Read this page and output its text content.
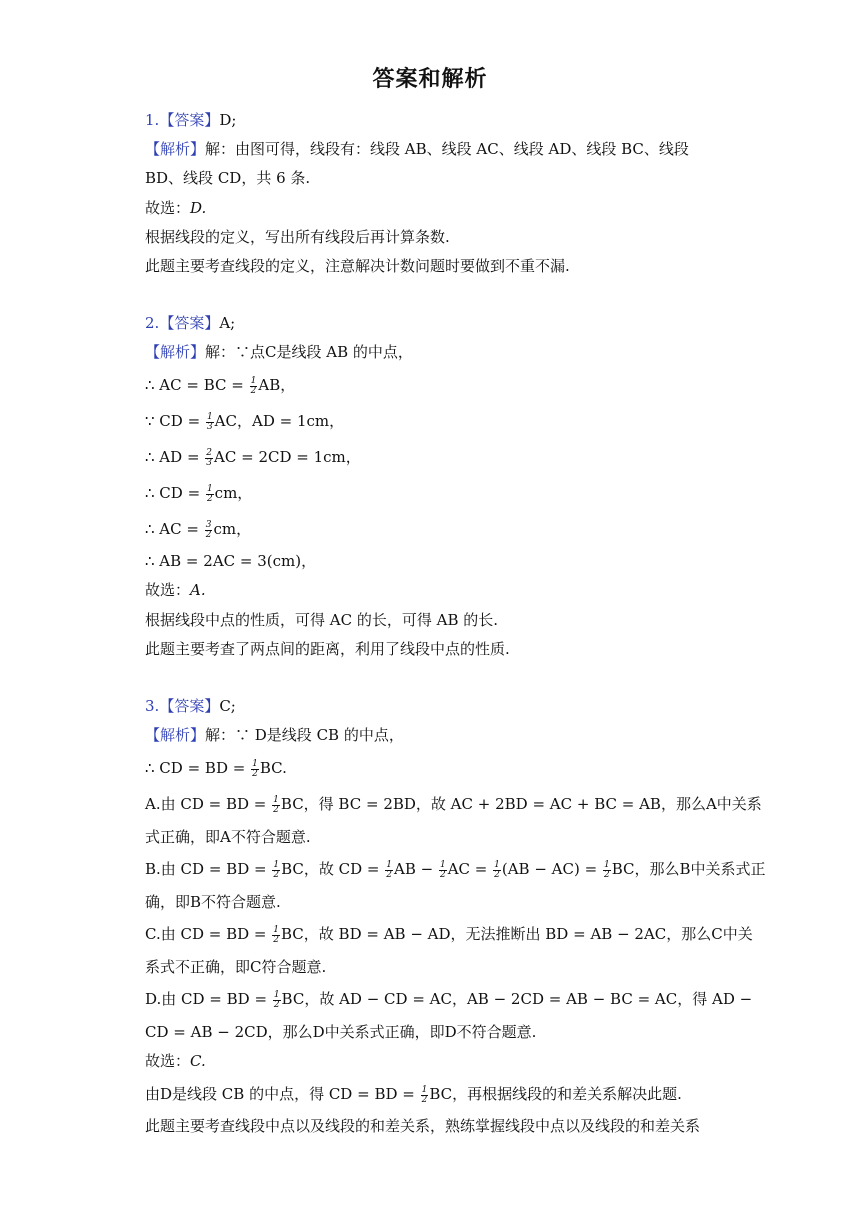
答案和解析
1.【答案】D;
【解析】解：由图可得，线段有：线段 AB、线段 AC、线段 AD、线段 BC、线段
BD、线段 CD，共 6 条.
故选：D.
根据线段的定义，写出所有线段后再计算条数.
此题主要考查线段的定义，注意解决计数问题时要做到不重不漏.
2.【答案】A;
【解析】解：∵点C是线段 AB 的中点，
∴ AC = BC = $\frac{1}{2}$ AB，
∵ CD = $\frac{1}{3}$ AC，AD = 1cm，
∴ AD = $\frac{2}{3}$ AC = 2CD = 1cm，
∴ CD = $\frac{1}{2}$ cm，
∴ AC = $\frac{3}{2}$ cm，
∴ AB = 2AC = 3(cm)，
故选：A.
根据线段中点的性质，可得 AC 的长，可得 AB 的长.
此题主要考查了两点间的距离，利用了线段中点的性质.
3.【答案】C;
【解析】解：∵ D是线段 CB 的中点，
∴ CD = BD = $\frac{1}{2}$ BC.
A.由 CD = BD = $\frac{1}{2}$ BC，得 BC = 2BD，故 AC + 2BD = AC + BC = AB，那么A中关系
式正确，即A不符合题意.
B.由 CD = BD = $\frac{1}{2}$ BC，故 CD = $\frac{1}{2}$ AB − $\frac{1}{2}$ AC = $\frac{1}{2} (AB - AC) = \frac{1}{2}$ BC，那么B中关系式正
确，即B不符合题意.
C.由 CD = BD = $\frac{1}{2}$ BC，故 BD = AB − AD，无法推断出 BD = AB − 2AC，那么C中关
系式不正确，即C符合题意.
D.由 CD = BD = $\frac{1}{2}$ BC，故 AD − CD = AC，AB − 2CD = AB − BC = AC，得 AD −
CD = AB − 2CD，那么D中关系式正确，即D不符合题意.
故选：C.
由D是线段 CB 的中点，得 CD = BD = $\frac{1}{2}$ BC，再根据线段的和差关系解决此题.
此题主要考查线段中点以及线段的和差关系，熟练掌握线段中点以及线段的和差关系
